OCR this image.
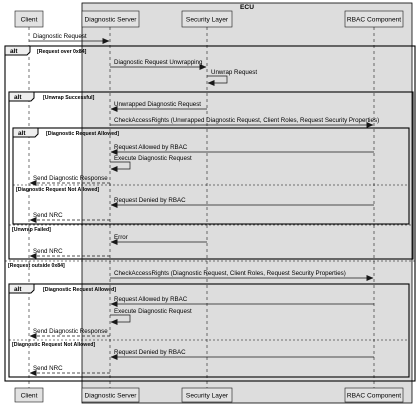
ECU
Client	Diagnostic Server	Security Layer	RBAC Component
Client	Diagnostic Server	Security Layer	RBAC Component
alt	[Request over 0x84]
alt	[Unwrap Successful]
alt	[Diagnostic Request Allowed]
alt	[Diagnostic Request Allowed]
[Diagnostic Request Not Allowed]
[Unwrap Failed]
[Request outside 0x84]
[Diagnostic Request Not Allowed]
Diagnostic Request
Diagnostic Request Unwrapping
Unwrap Request
Unwrapped Diagnostic Request
CheckAccessRights (Unwrapped Diagnostic Request, Client Roles, Request Security Properties)
Request Allowed by RBAC
Execute Diagnostic Request
Send Diagnostic Response
Request Denied by RBAC
Send NRC
Error
Send NRC
CheckAccessRights (Diagnostic Request, Client Roles, Request Security Properties)
Request Allowed by RBAC
Execute Diagnostic Request
Send Diagnostic Response
Request Denied by RBAC
Send NRC
